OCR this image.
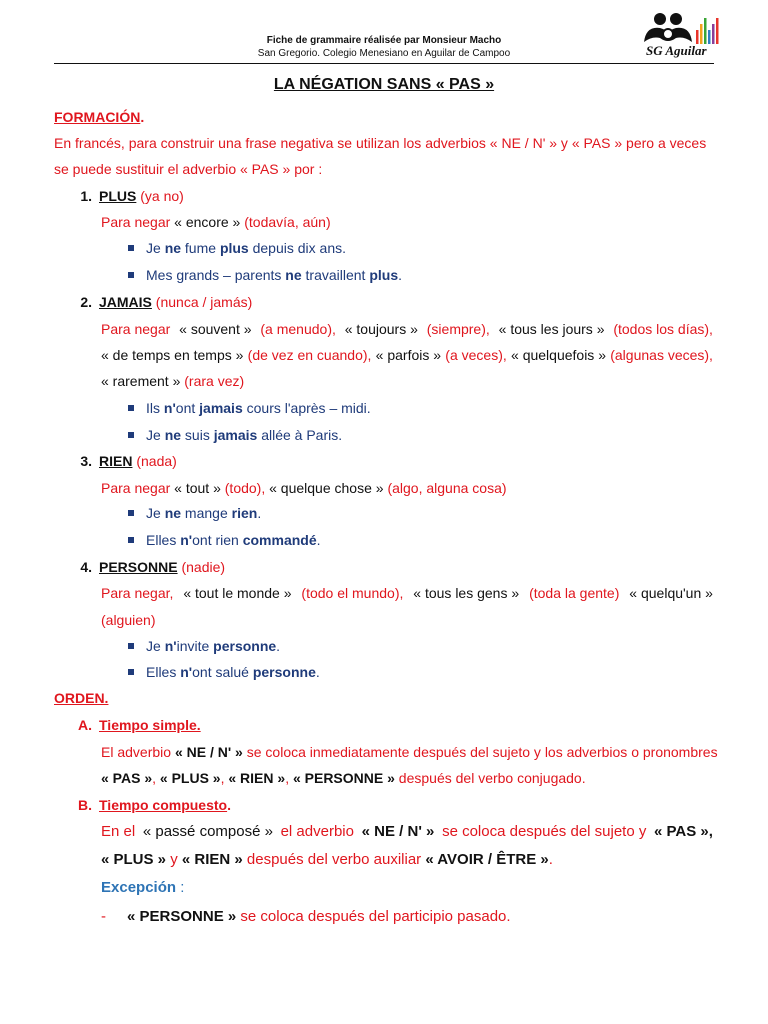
Fiche de grammaire réalisée par Monsieur Macho
San Gregorio. Colegio Menesiano en Aguilar de Campoo	SG Aguilar
LA NÉGATION SANS « PAS »
FORMACIÓN.
En francés, para construir una frase negativa se utilizan los adverbios « NE / N' » y « PAS » pero a veces
se puede sustituir el adverbio « PAS » por :
1. PLUS (ya no)
Para negar « encore » (todavía, aún)
Je ne fume plus depuis dix ans.
Mes grands – parents ne travaillent plus.
2. JAMAIS (nunca / jamás)
Para negar « souvent » (a menudo), « toujours » (siempre), « tous les jours » (todos los días),
« de temps en temps » (de vez en cuando), « parfois » (a veces), « quelquefois » (algunas veces),
« rarement » (rara vez)
Ils n'ont jamais cours l'après – midi.
Je ne suis jamais allée à Paris.
3. RIEN (nada)
Para negar « tout » (todo), « quelque chose » (algo, alguna cosa)
Je ne mange rien.
Elles n'ont rien commandé.
4. PERSONNE (nadie)
Para negar, « tout le monde » (todo el mundo), « tous les gens » (toda la gente) « quelqu'un »
(alguien)
Je n'invite personne.
Elles n'ont salué personne.
ORDEN.
A. Tiempo simple.
El adverbio « NE / N' » se coloca inmediatamente después del sujeto y los adverbios o pronombres
« PAS », « PLUS », « RIEN », « PERSONNE » después del verbo conjugado.
B. Tiempo compuesto.
En el « passé composé » el adverbio « NE / N' » se coloca después del sujeto y « PAS »,
« PLUS » y « RIEN » después del verbo auxiliar « AVOIR / ÊTRE ».
Excepción :
- « PERSONNE » se coloca después del participio pasado.
